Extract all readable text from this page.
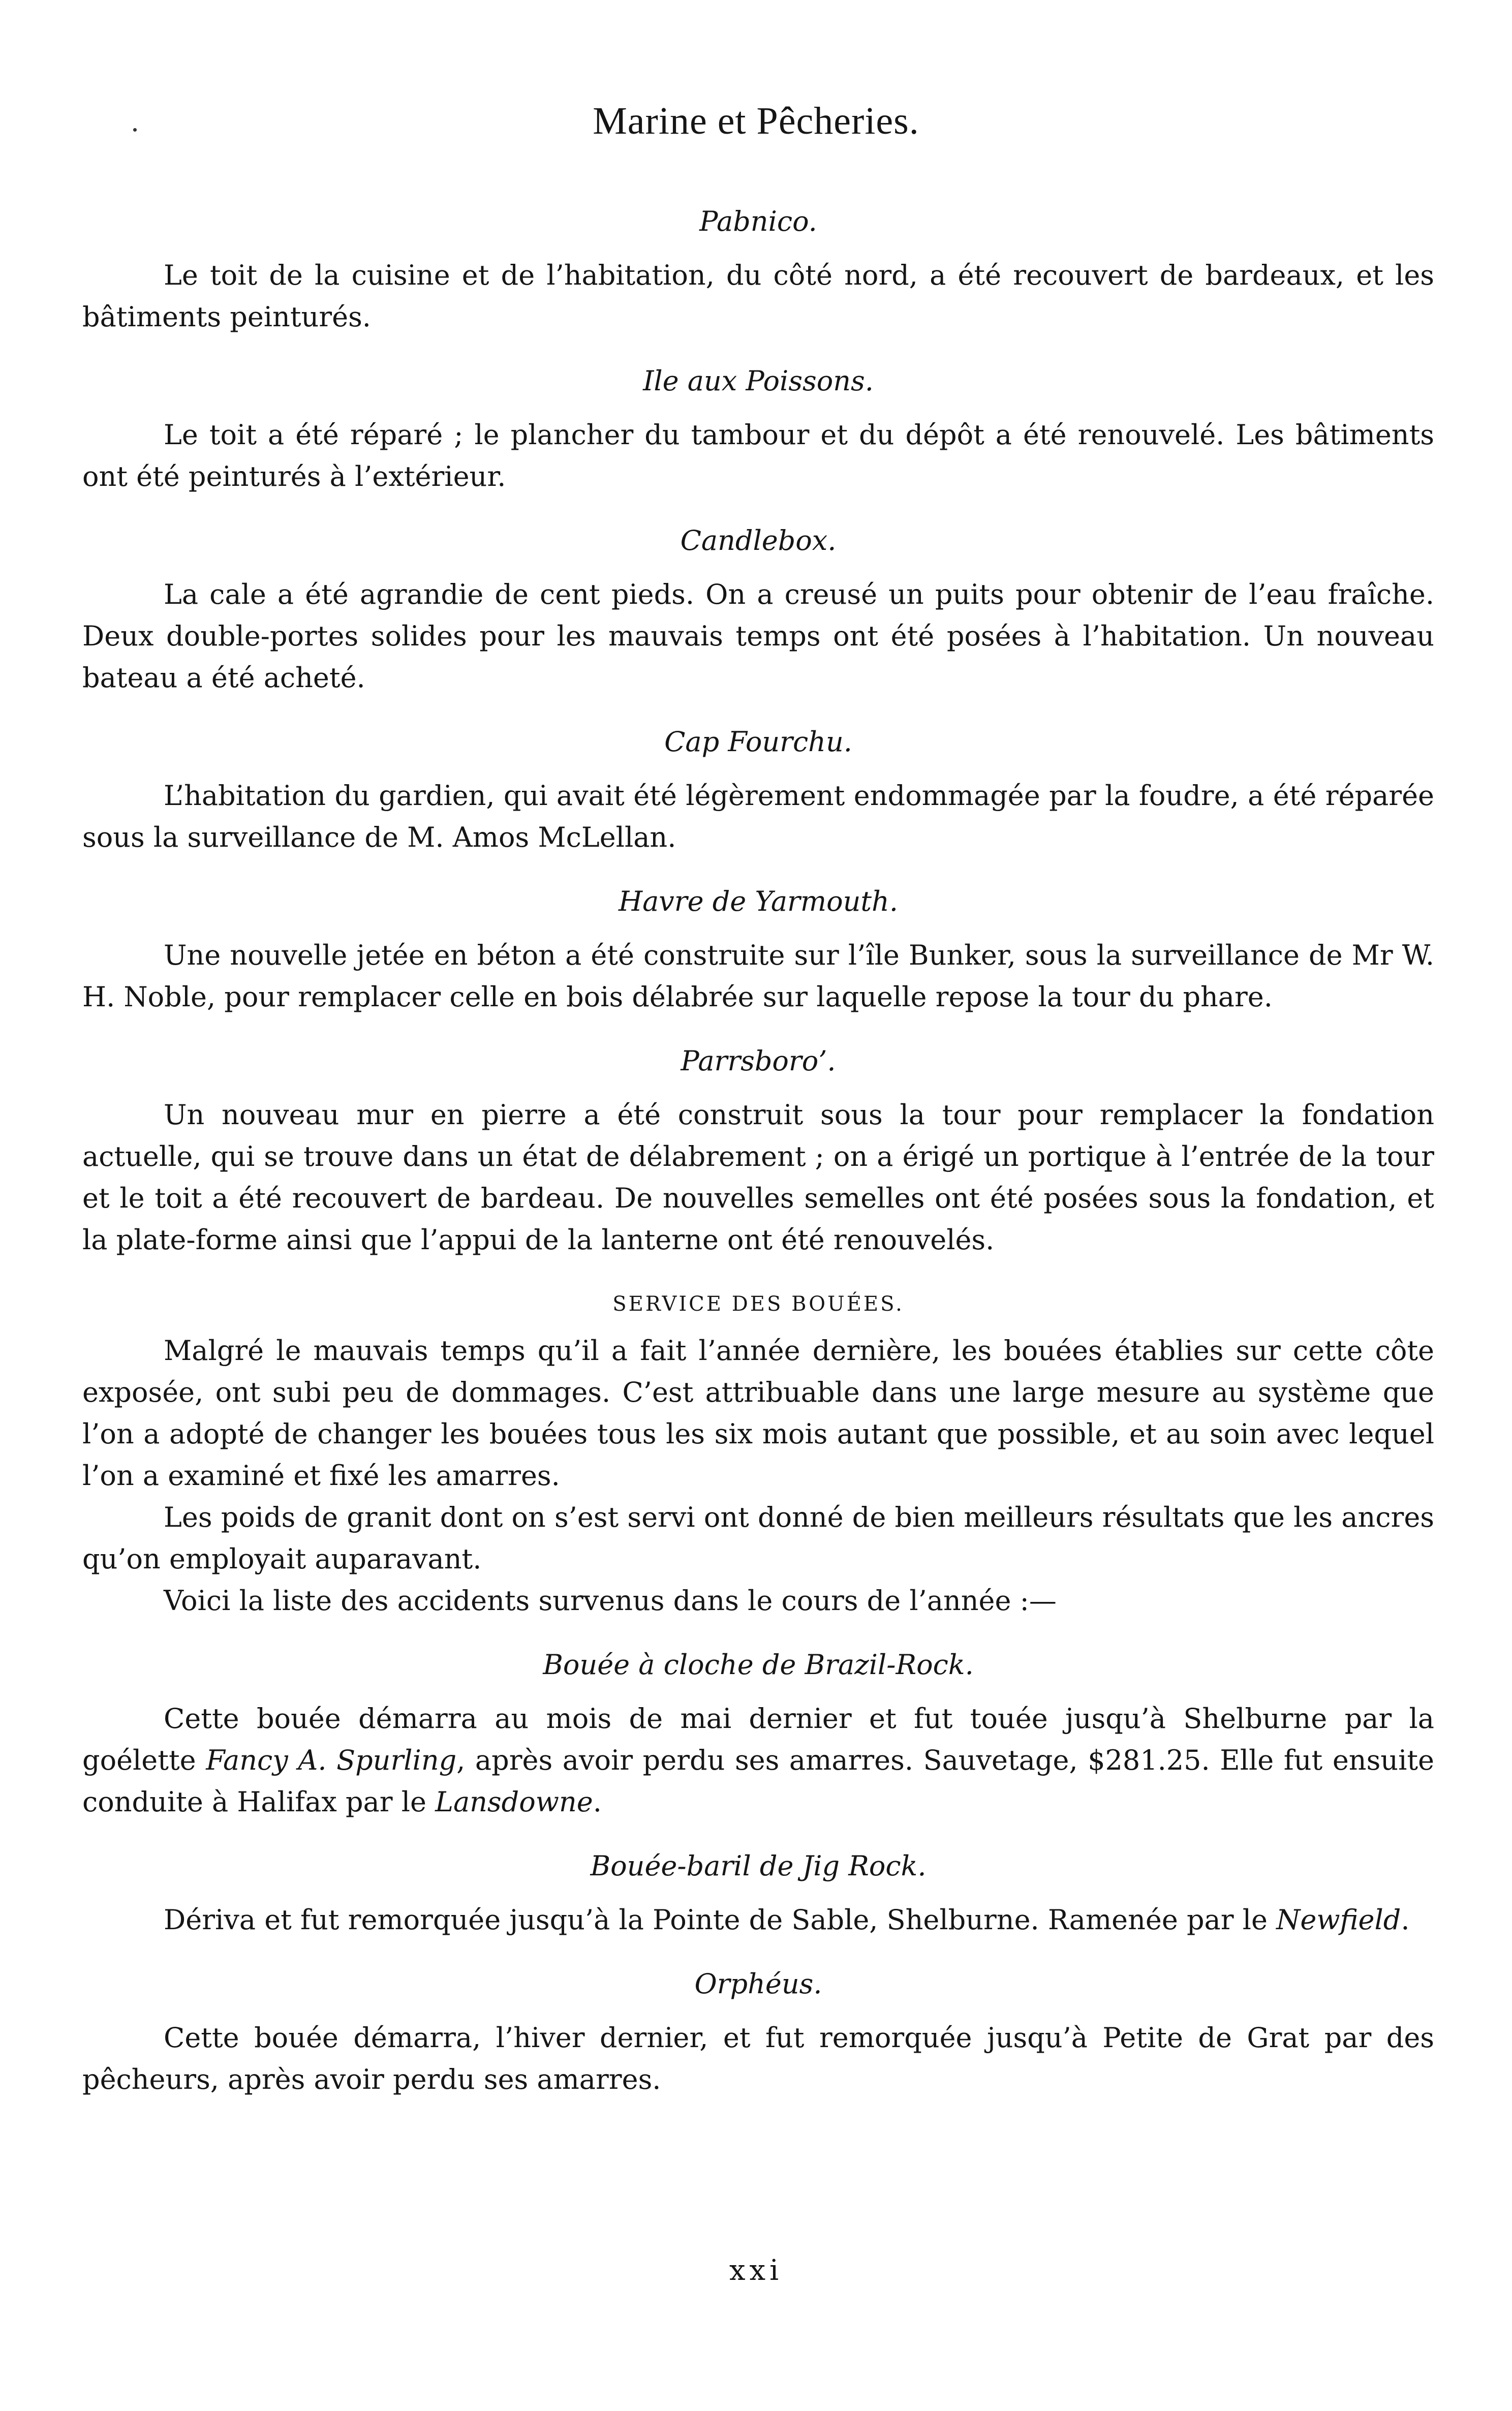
Marine et Pêcheries.
Pabnico.

Le toit de la cuisine et de l’habitation, du côté nord, a été recouvert de bardeaux, et les bâtiments peinturés.

Ile aux Poissons.

Le toit a été réparé ; le plancher du tambour et du dépôt a été renouvelé. Les bâtiments ont été peinturés à l’extérieur.

Candlebox.

La cale a été agrandie de cent pieds. On a creusé un puits pour obtenir de l’eau fraîche. Deux double-portes solides pour les mauvais temps ont été posées à l’habitation. Un nouveau bateau a été acheté.

Cap Fourchu.

L’habitation du gardien, qui avait été légèrement endommagée par la foudre, a été réparée sous la surveillance de M. Amos McLellan.

Havre de Yarmouth.

Une nouvelle jetée en béton a été construite sur l’île Bunker, sous la surveillance de Mr W. H. Noble, pour remplacer celle en bois délabrée sur laquelle repose la tour du phare.

Parrsboro’.

Un nouveau mur en pierre a été construit sous la tour pour remplacer la fondation actuelle, qui se trouve dans un état de délabrement ; on a érigé un portique à l’entrée de la tour et le toit a été recouvert de bardeau. De nouvelles semelles ont été posées sous la fondation, et la plate-forme ainsi que l’appui de la lanterne ont été renouvelés.

SERVICE DES BOUÉES.

Malgré le mauvais temps qu’il a fait l’année dernière, les bouées établies sur cette côte exposée, ont subi peu de dommages. C’est attribuable dans une large mesure au système que l’on a adopté de changer les bouées tous les six mois autant que possible, et au soin avec lequel l’on a examiné et fixé les amarres.

Les poids de granit dont on s’est servi ont donné de bien meilleurs résultats que les ancres qu’on employait auparavant.

Voici la liste des accidents survenus dans le cours de l’année :—

Bouée à cloche de Brazil-Rock.

Cette bouée démarra au mois de mai dernier et fut touée jusqu’à Shelburne par la goélette Fancy A. Spurling, après avoir perdu ses amarres. Sauvetage, $281.25. Elle fut ensuite conduite à Halifax par le Lansdowne.

Bouée-baril de Jig Rock.

Dériva et fut remorquée jusqu’à la Pointe de Sable, Shelburne. Ramenée par le Newfield.

Orphéus.

Cette bouée démarra, l’hiver dernier, et fut remorquée jusqu’à Petite de Grat par des pêcheurs, après avoir perdu ses amarres.

xxi
